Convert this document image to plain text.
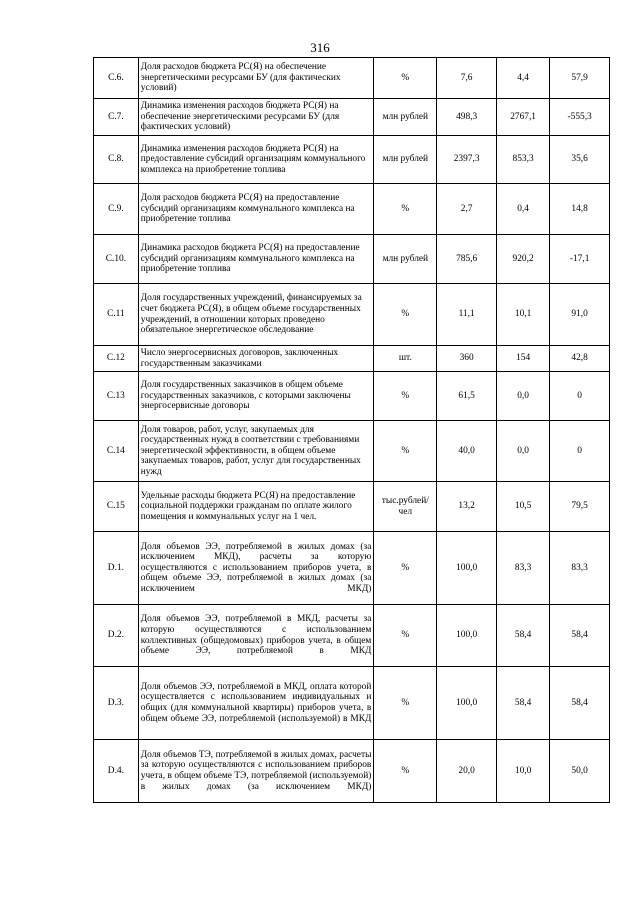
316
C.6.	Доля расходов бюджета РС(Я) на обеспечение энергетическими ресурсами БУ (для фактических условий)	%	7,6	4,4	57,9
C.7.	Динамика изменения расходов бюджета РС(Я) на обеспечение энергетическими ресурсами БУ (для фактических условий)	млн рублей	498,3	2767,1	-555,3
C.8.	Динамика изменения расходов бюджета РС(Я) на предоставление субсидий организациям коммунального комплекса на приобретение топлива	млн рублей	2397,3	853,3	35,6
C.9.	Доля расходов бюджета РС(Я) на предоставление субсидий организациям коммунального комплекса на приобретение топлива	%	2,7	0,4	14,8
C.10.	Динамика расходов бюджета РС(Я) на предоставление субсидий организациям коммунального комплекса на приобретение топлива	млн рублей	785,6	920,2	-17,1
C.11	Доля государственных учреждений, финансируемых за счет бюджета РС(Я), в общем объеме государственных учреждений, в отношении которых проведено обязательное энергетическое обследование	%	11,1	10,1	91,0
C.12	Число энергосервисных договоров, заключенных государственным заказчиками	шт.	360	154	42,8
C.13	Доля государственных заказчиков в общем объеме государственных заказчиков, с которыми заключены энергосервисные договоры	%	61,5	0,0	0
C.14	Доля товаров, работ, услуг, закупаемых для государственных нужд в соответствии с требованиями энергетической эффективности, в общем объеме закупаемых товаров, работ, услуг для государственных нужд	%	40,0	0,0	0
C.15	Удельные расходы бюджета РС(Я) на предоставление социальной поддержки гражданам по оплате жилого помещения и коммунальных услуг на 1 чел.	тыс.рублей/ чел	13,2	10,5	79,5
D.1.	Доля объемов ЭЭ, потребляемой в жилых домах (за исключением МКД), расчеты за которую осуществляются с использованием приборов учета, в общем объеме ЭЭ, потребляемой в жилых домах (за исключением МКД)	%	100,0	83,3	83,3
D.2.	Доля объемов ЭЭ, потребляемой в МКД, расчеты за которую осуществляются с использованием коллективных (общедомовых) приборов учета, в общем объеме ЭЭ, потребляемой в МКД	%	100,0	58,4	58,4
D.3.	Доля объемов ЭЭ, потребляемой в МКД, оплата которой осуществляется с использованием индивидуальных и общих (для коммунальной квартиры) приборов учета, в общем объеме ЭЭ, потребляемой (используемой) в МКД	%	100,0	58,4	58,4
D.4.	Доля объемов ТЭ, потребляемой в жилых домах, расчеты за которую осуществляются с использованием приборов учета, в общем объеме ТЭ, потребляемой (используемой) в жилых домах (за исключением МКД)	%	20,0	10,0	50,0
